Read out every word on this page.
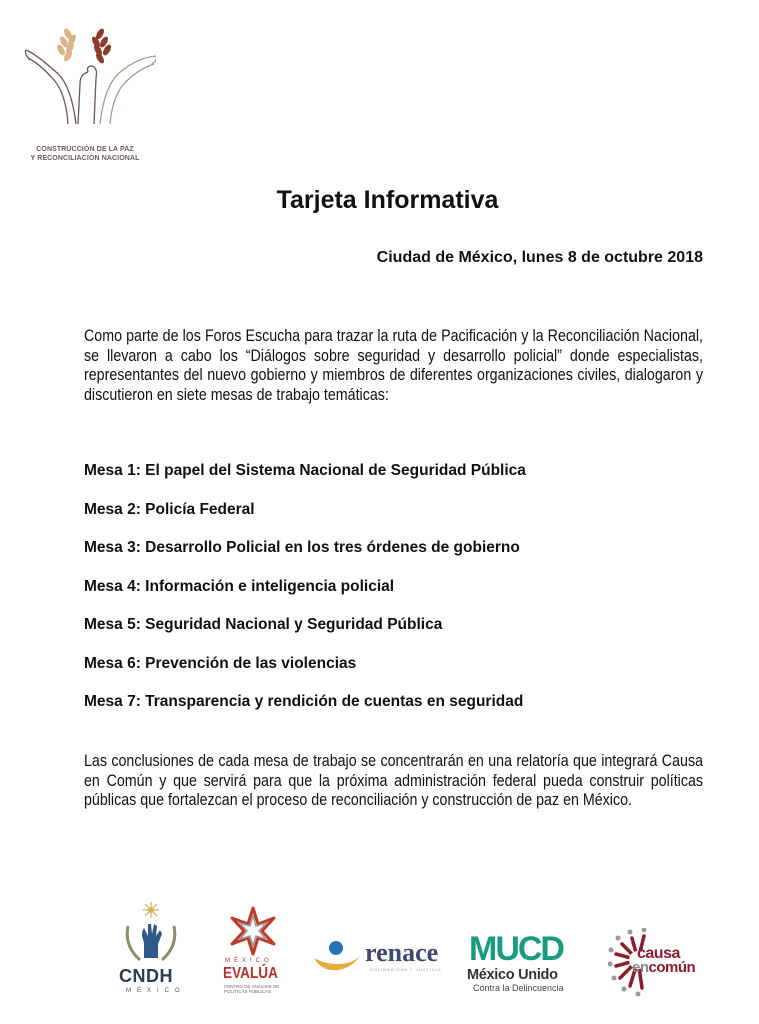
CONSTRUCCIÓN DE LA PAZ
Y RECONCILIACIÓN NACIONAL
Tarjeta Informativa
Ciudad de México, lunes 8 de octubre 2018
Como parte de los Foros Escucha para trazar la ruta de Pacificación y la Reconciliación Nacional, se llevaron a cabo los “Diálogos sobre seguridad y desarrollo policial” donde especialistas, representantes del nuevo gobierno y miembros de diferentes organizaciones civiles, dialogaron y discutieron en siete mesas de trabajo temáticas:
Mesa 1: El papel del Sistema Nacional de Seguridad Pública
Mesa 2: Policía Federal
Mesa 3: Desarrollo Policial en los tres órdenes de gobierno
Mesa 4: Información e inteligencia policial
Mesa 5: Seguridad Nacional y Seguridad Pública
Mesa 6: Prevención de las violencias
Mesa 7: Transparencia y rendición de cuentas en seguridad
Las conclusiones de cada mesa de trabajo se concentrarán en una relatoría que integrará Causa en Común y que servirá para que la próxima administración federal pueda construir políticas públicas que fortalezcan el proceso de reconciliación y construcción de paz en México.
CNDH
MÉXICO
MÉXICO
EVALÚA
CENTRO DE ANÁLISIS DE POLÍTICAS PÚBLICAS
renace
SOLIDARIDAD Y JUSTICIA
MUCD
México Unido
Contra la Delincuencia
causa
encomún
